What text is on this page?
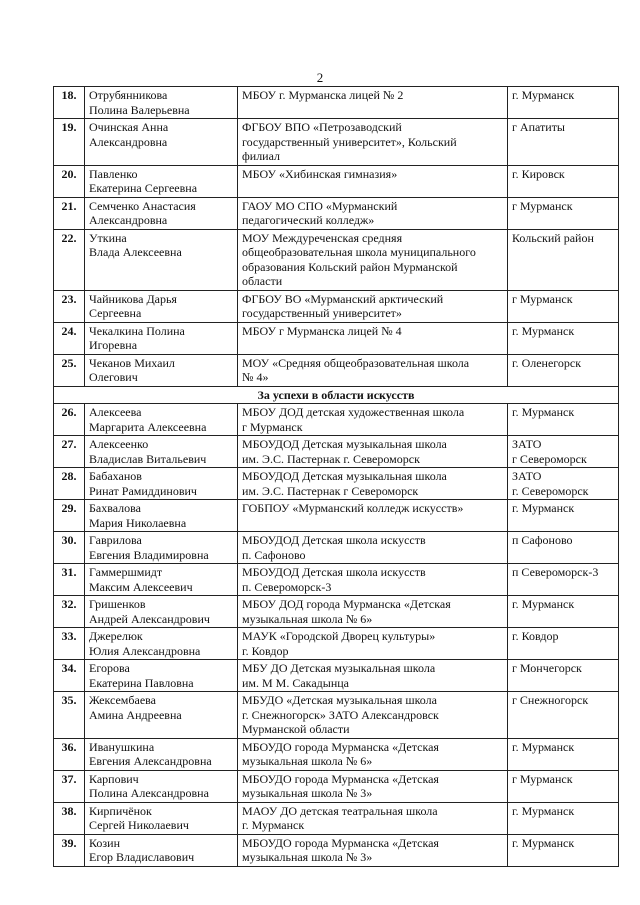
2
18.	Отрубянникова
Полина Валерьевна	МБОУ г. Мурманска лицей № 2	г. Мурманск
19.	Очинская Анна
Александровна	ФГБОУ ВПО «Петрозаводский
государственный университет», Кольский
филиал	г Апатиты
20.	Павленко
Екатерина Сергеевна	МБОУ «Хибинская гимназия»	г. Кировск
21.	Семченко Анастасия
Александровна	ГАОУ МО СПО «Мурманский
педагогический колледж»	г Мурманск
22.	Уткина
Влада Алексеевна	МОУ Междуреченская средняя
общеобразовательная школа муниципального
образования Кольский район Мурманской
области	Кольский район
23.	Чайникова Дарья
Сергеевна	ФГБОУ ВО «Мурманский арктический
государственный университет»	г Мурманск
24.	Чекалкина Полина
Игоревна	МБОУ г Мурманска лицей № 4	г. Мурманск
25.	Чеканов Михаил
Олегович	МОУ «Средняя общеобразовательная школа
№ 4»	г. Оленегорск
За успехи в области искусств			
26.	Алексеева
Маргарита Алексеевна	МБОУ ДОД детская художественная школа
г Мурманск	г. Мурманск
27.	Алексеенко
Владислав Витальевич	МБОУДОД Детская музыкальная школа
им. Э.С. Пастернак г. Североморск	ЗАТО
г Североморск
28.	Бабаханов
Ринат Рамиддинович	МБОУДОД Детская музыкальная школа
им. Э.С. Пастернак г Североморск	ЗАТО
г. Североморск
29.	Бахвалова
Мария Николаевна	ГОБПОУ «Мурманский колледж искусств»	г. Мурманск
30.	Гаврилова
Евгения Владимировна	МБОУДОД Детская школа искусств
п. Сафоново	п Сафоново
31.	Гаммершмидт
Максим Алексеевич	МБОУДОД Детская школа искусств
п. Североморск-3	п Североморск-3
32.	Гришенков
Андрей Александрович	МБОУ ДОД города Мурманска «Детская
музыкальная школа № 6»	г. Мурманск
33.	Джерелюк
Юлия Александровна	МАУК «Городской Дворец культуры»
г. Ковдор	г. Ковдор
34.	Егорова
Екатерина Павловна	МБУ ДО Детская музыкальная школа
им. М М. Сакадынца	г Мончегорск
35.	Жексембаева
Амина Андреевна	МБУДО «Детская музыкальная школа
г. Снежногорск» ЗАТО Александровск
Мурманской области	г Снежногорск
36.	Иванушкина
Евгения Александровна	МБОУДО города Мурманска «Детская
музыкальная школа № 6»	г. Мурманск
37.	Карпович
Полина Александровна	МБОУДО города Мурманска «Детская
музыкальная школа № 3»	г Мурманск
38.	Кирпичёнок
Сергей Николаевич	МАОУ ДО детская театральная школа
г. Мурманск	г. Мурманск
39.	Козин
Егор Владиславович	МБОУДО города Мурманска «Детская
музыкальная школа № 3»	г. Мурманск
